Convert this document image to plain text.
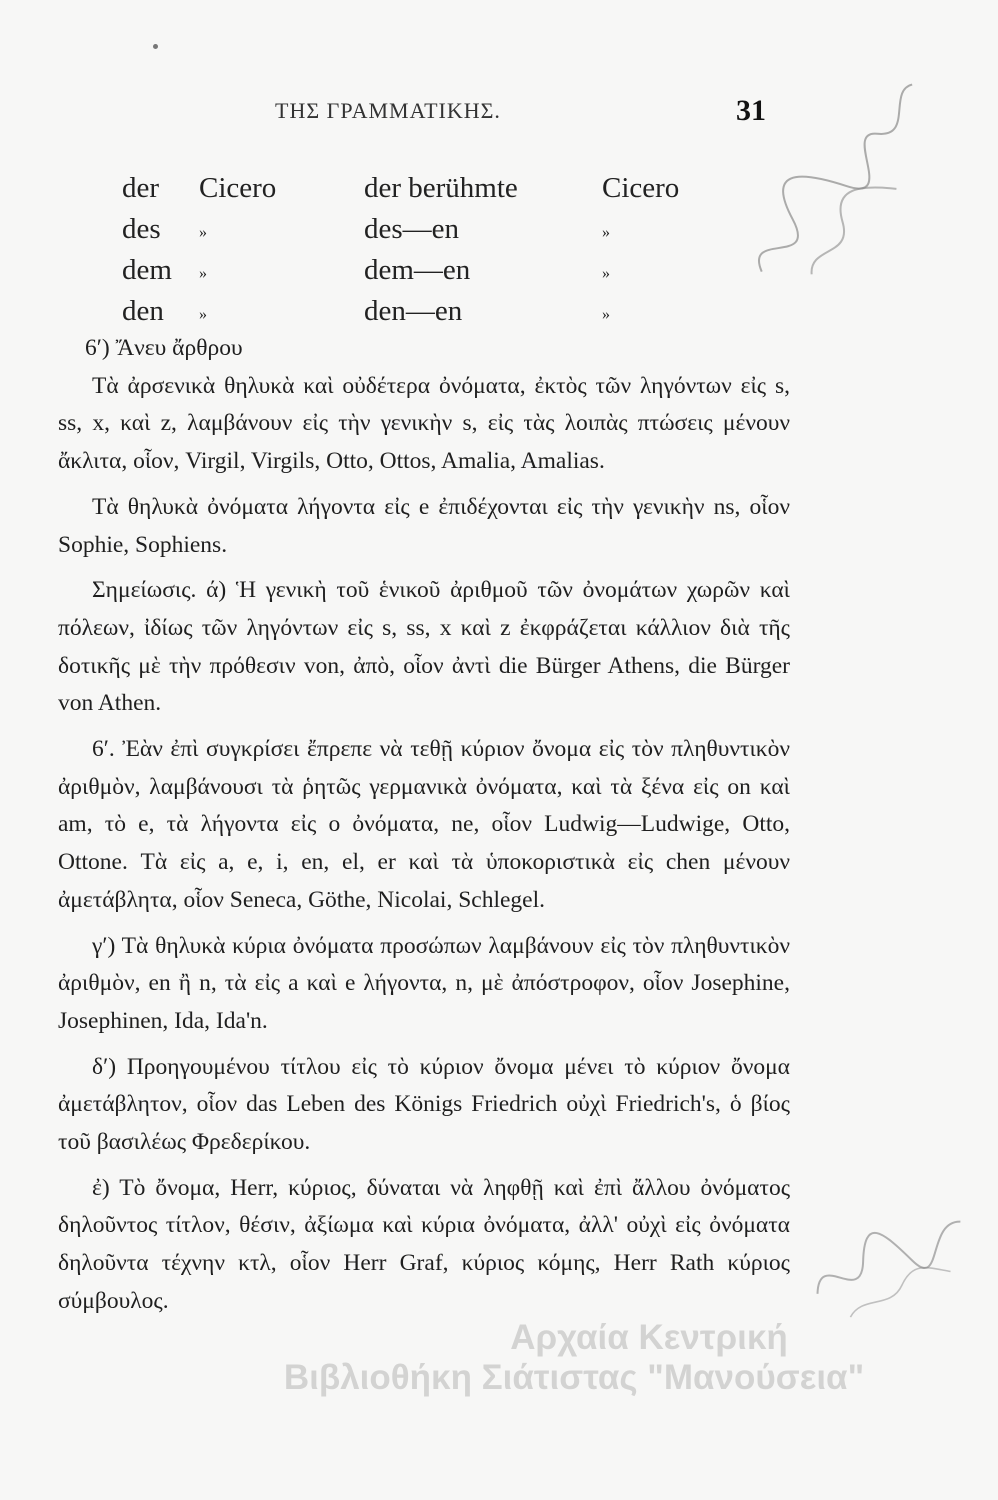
ΤΗΣ ΓΡΑΜΜΑΤΙΚΗΣ.	31
der Cicero	der berühmte	Cicero
des »	des—en	»
dem »	dem—en	»
den »	den—en	»

6′) Ἄνευ ἄρθρου

Τὰ ἀρσενικὰ θηλυκὰ καὶ οὐδέτερα ὀνόματα, ἐκτὸς τῶν ληγόντων εἰς s, ss, x, καὶ z, λαμβάνουν εἰς τὴν γενικὴν s, εἰς τὰς λοιπὰς πτώσεις μένουν ἄκλιτα, οἷον, Virgil, Virgils, Otto, Ottos, Amalia, Amalias.

Τὰ θηλυκὰ ὀνόματα λήγοντα εἰς e ἐπιδέχονται εἰς τὴν γενικὴν ns, οἷον Sophie, Sophiens.

Σημείωσις. ά) Ἡ γενικὴ τοῦ ἑνικοῦ ἀριθμοῦ τῶν ὀνομάτων χωρῶν καὶ πόλεων, ἰδίως τῶν ληγόντων εἰς s, ss, x καὶ z ἐκφράζεται κάλλιον διὰ τῆς δοτικῆς μὲ τὴν πρόθεσιν von, ἀπὸ, οἷον ἀντὶ die Bürger Athens, die Bürger von Athen.

6′. Ἐὰν ἐπὶ συγκρίσει ἔπρεπε νὰ τεθῇ κύριον ὄνομα εἰς τὸν πληθυντικὸν ἀριθμὸν, λαμβάνουσι τὰ ῥητῶς γερμανικὰ ὀνόματα, καὶ τὰ ξένα εἰς on καὶ am, τὸ e, τὰ λήγοντα εἰς o ὀνόματα, ne, οἷον Ludwig—Ludwige, Otto, Ottone. Τὰ εἰς a, e, i, en, el, er καὶ τὰ ὑποκοριστικὰ εἰς chen μένουν ἀμετάβλητα, οἷον Seneca, Göthe, Nicolai, Schlegel.

γ′) Τὰ θηλυκὰ κύρια ὀνόματα προσώπων λαμβάνουν εἰς τὸν πληθυντικὸν ἀριθμὸν, en ἢ n, τὰ εἰς a καὶ e λήγοντα, n, μὲ ἀπόστροφον, οἷον Josephine, Josephinen, Ida, Ida'n.

δ′) Προηγουμένου τίτλου εἰς τὸ κύριον ὄνομα μένει τὸ κύριον ὄνομα ἀμετάβλητον, οἷον das Leben des Königs Friedrich οὐχὶ Friedrich's, ὁ βίος τοῦ βασιλέως Φρεδερίκου.

ἐ) Τὸ ὄνομα, Herr, κύριος, δύναται νὰ ληφθῇ καὶ ἐπὶ ἄλλου ὀνόματος δηλοῦντος τίτλον, θέσιν, ἀξίωμα καὶ κύρια ὀνόματα, ἀλλ' οὐχὶ εἰς ὀνόματα δηλοῦντα τέχνην κτλ, οἷον Herr Graf, κύριος κόμης, Herr Rath κύριος σύμβουλος.

Αρχαία Κεντρική
Βιβλιοθήκη Σιάτιστας "Μανούσεια"
